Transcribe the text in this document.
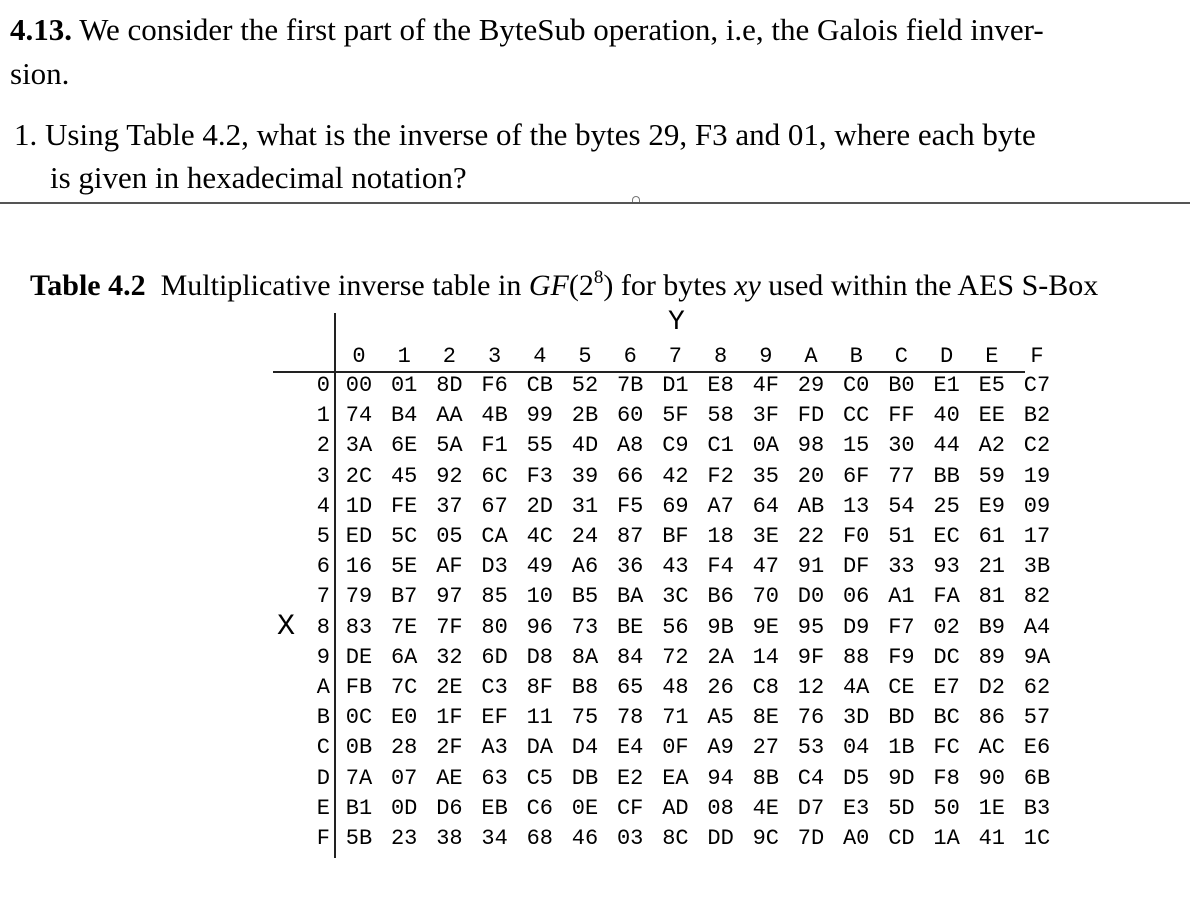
4.13. We consider the first part of the ByteSub operation, i.e, the Galois field inver-
sion.
1. Using Table 4.2, what is the inverse of the bytes 29, F3 and 01, where each byte
is given in hexadecimal notation?
Table 4.2 Multiplicative inverse table in $GF(2^8)$ for bytes xy used within the AES S-Box
Y
X
0	1	2	3	4	5	6	7	8	9	A	B	C	D	E	F
0 00 01 8D F6 CB 52 7B D1 E8 4F 29 C0 B0 E1 E5 C7
1 74 B4 AA 4B 99 2B 60 5F 58 3F FD CC FF 40 EE B2
2 3A 6E 5A F1 55 4D A8 C9 C1 0A 98 15 30 44 A2 C2
3 2C 45 92 6C F3 39 66 42 F2 35 20 6F 77 BB 59 19
4 1D FE 37 67 2D 31 F5 69 A7 64 AB 13 54 25 E9 09
5 ED 5C 05 CA 4C 24 87 BF 18 3E 22 F0 51 EC 61 17
6 16 5E AF D3 49 A6 36 43 F4 47 91 DF 33 93 21 3B
7 79 B7 97 85 10 B5 BA 3C B6 70 D0 06 A1 FA 81 82
8 83 7E 7F 80 96 73 BE 56 9B 9E 95 D9 F7 02 B9 A4
9 DE 6A 32 6D D8 8A 84 72 2A 14 9F 88 F9 DC 89 9A
A FB 7C 2E C3 8F B8 65 48 26 C8 12 4A CE E7 D2 62
B 0C E0 1F EF 11 75 78 71 A5 8E 76 3D BD BC 86 57
C 0B 28 2F A3 DA D4 E4 0F A9 27 53 04 1B FC AC E6
D 7A 07 AE 63 C5 DB E2 EA 94 8B C4 D5 9D F8 90 6B
E B1 0D D6 EB C6 0E CF AD 08 4E D7 E3 5D 50 1E B3
F 5B 23 38 34 68 46 03 8C DD 9C 7D A0 CD 1A 41 1C
